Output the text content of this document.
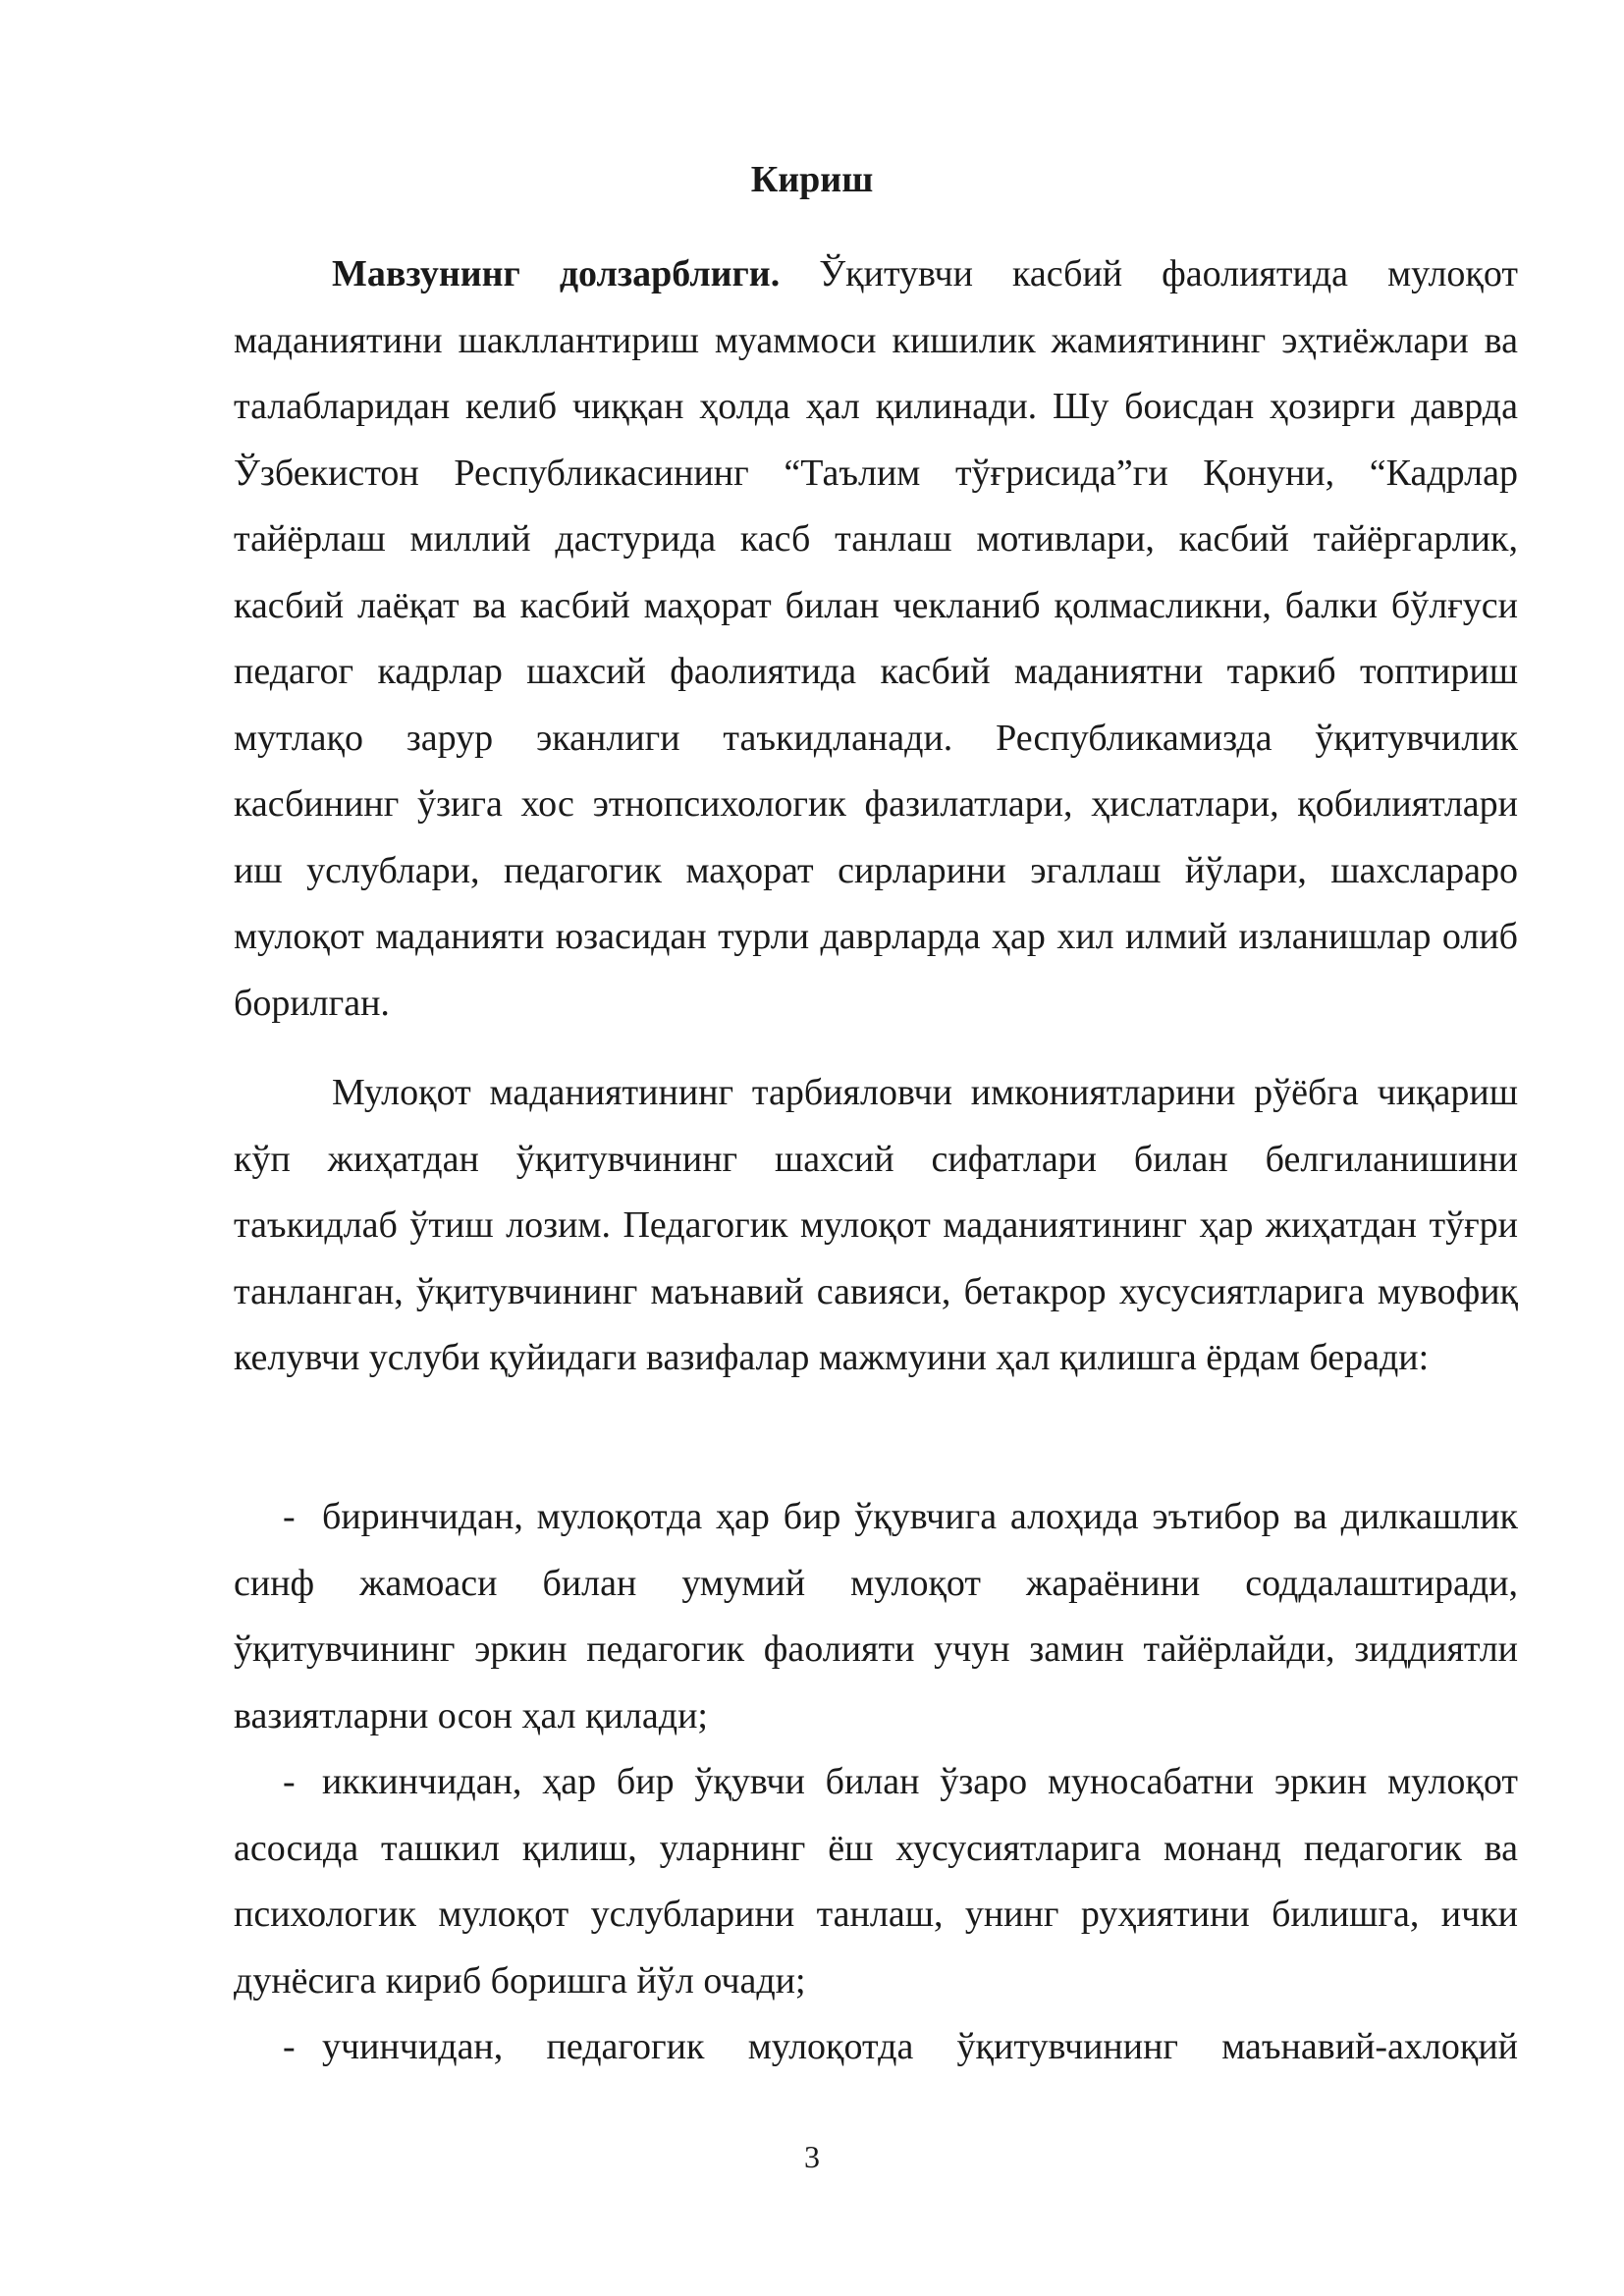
Кириш

Мавзунинг долзарблиги. Ўқитувчи касбий фаолиятида мулоқот маданиятини шакллантириш муаммоси кишилик жамиятининг эҳтиёжлари ва талабларидан келиб чиққан ҳолда ҳал қилинади. Шу боисдан ҳозирги даврда Ўзбекистон Республикасининг “Таълим тўғрисида”ги Қонуни, “Кадрлар тайёрлаш миллий дастурида касб танлаш мотивлари, касбий тайёргарлик, касбий лаёқат ва касбий маҳорат билан чекланиб қолмасликни, балки бўлғуси педагог кадрлар шахсий фаолиятида касбий маданиятни таркиб топтириш мутлақо зарур эканлиги таъкидланади. Республикамизда ўқитувчилик касбининг ўзига хос этнопсихологик фазилатлари, ҳислатлари, қобилиятлари иш услублари, педагогик маҳорат сирларини эгаллаш йўлари, шахслараро мулоқот маданияти юзасидан турли даврларда ҳар хил илмий изланишлар олиб борилган.

Мулоқот маданиятининг тарбияловчи имкониятларини рўёбга чиқариш кўп жиҳатдан ўқитувчининг шахсий сифатлари билан белгиланишини таъкидлаб ўтиш лозим. Педагогик мулоқот маданиятининг ҳар жиҳатдан тўғри танланган, ўқитувчининг маънавий савияси, бетакрор хусусиятларига мувофиқ келувчи услуби қуйидаги вазифалар мажмуини ҳал қилишга ёрдам беради:

- биринчидан, мулоқотда ҳар бир ўқувчига алоҳида эътибор ва дилкашлик синф жамоаси билан умумий мулоқот жараёнини соддалаштиради, ўқитувчининг эркин педагогик фаолияти учун замин тайёрлайди, зиддиятли вазиятларни осон ҳал қилади;

- иккинчидан, ҳар бир ўқувчи билан ўзаро муносабатни эркин мулоқот асосида ташкил қилиш, уларнинг ёш хусусиятларига монанд педагогик ва психологик мулоқот услубларини танлаш, унинг руҳиятини билишга, ички дунёсига кириб боришга йўл очади;

- учинчидан, педагогик мулоқотда ўқитувчининг маънавий-ахлоқий

3
